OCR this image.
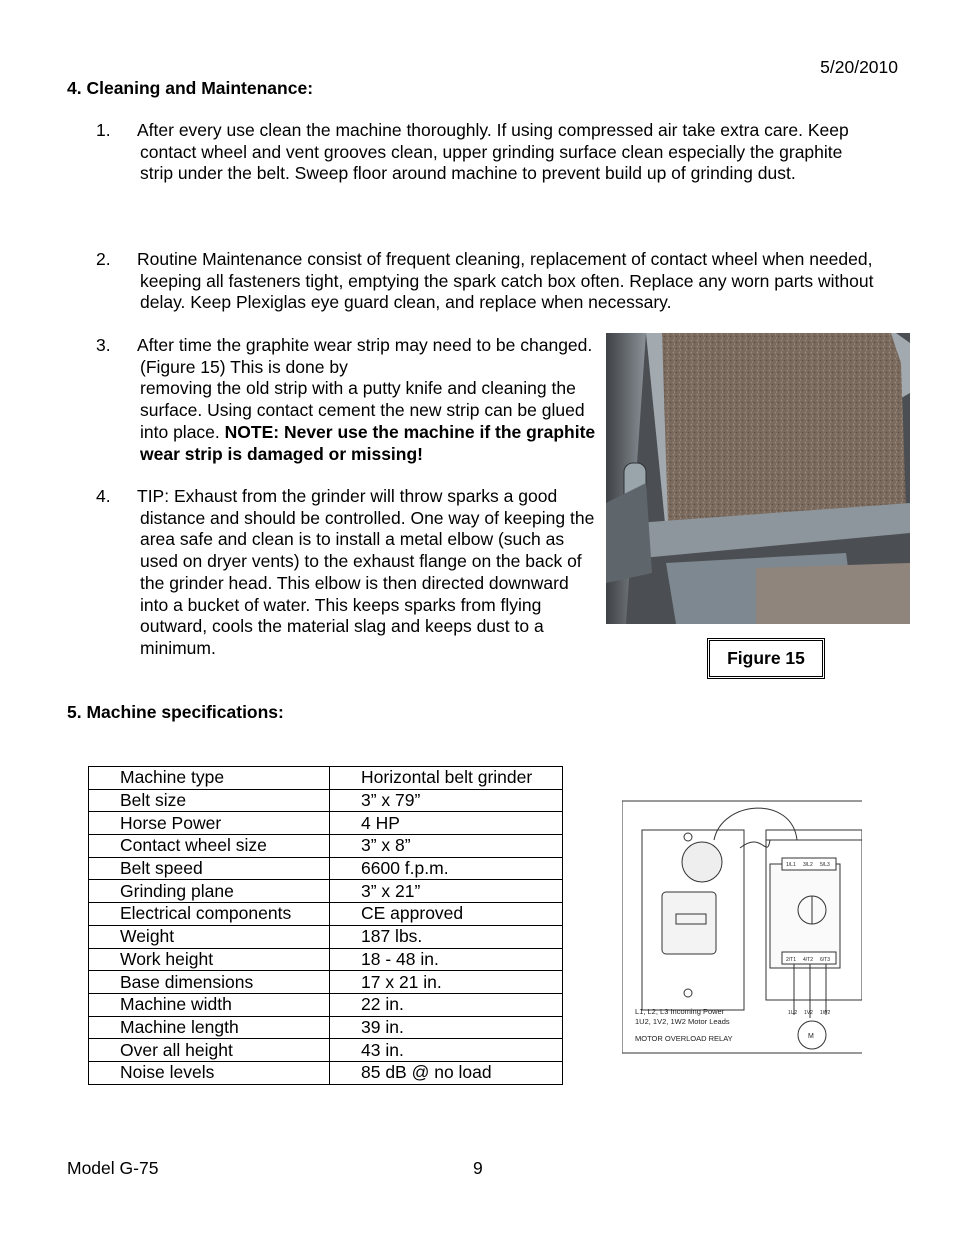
5/20/2010
4. Cleaning and Maintenance:
1. After every use clean the machine thoroughly. If using compressed air take extra care. Keep contact wheel and vent grooves clean, upper grinding surface clean especially the graphite strip under the belt. Sweep floor around machine to prevent build up of grinding dust.
2. Routine Maintenance consist of frequent cleaning, replacement of contact wheel when needed, keeping all fasteners tight, emptying the spark catch box often. Replace any worn parts without delay. Keep Plexiglas eye guard clean, and replace when necessary.
3. After time the graphite wear strip may need to be changed. (Figure 15) This is done by
removing the old strip with a putty knife and cleaning the surface. Using contact cement the new strip can be glued into place. NOTE: Never use the machine if the graphite wear strip is damaged or missing!
4. TIP: Exhaust from the grinder will throw sparks a good distance and should be controlled. One way of keeping the area safe and clean is to install a metal elbow (such as used on dryer vents) to the exhaust flange on the back of the grinder head. This elbow is then directed downward into a bucket of water. This keeps sparks from flying outward, cools the material slag and keeps dust to a minimum.
Figure 15
5. Machine specifications:
Machine type	Horizontal belt grinder
Belt size	3” x 79”
Horse Power	4 HP
Contact wheel size	3” x 8”
Belt speed	6600 f.p.m.
Grinding plane	3” x 21”
Electrical components	CE approved
Weight	187 lbs.
Work height	18 - 48 in.
Base dimensions	17 x 21 in.
Machine width	22 in.
Machine length	39 in.
Over all height	43 in.
Noise levels	85 dB @ no load
1/L1 3/L2 5/L3
2/T1 4/T2 6/T3
1U2 1V2 1W2
M
L1, L2, L3 Incoming Power
1U2, 1V2, 1W2 Motor Leads
MOTOR OVERLOAD RELAY
Model G-75	9
